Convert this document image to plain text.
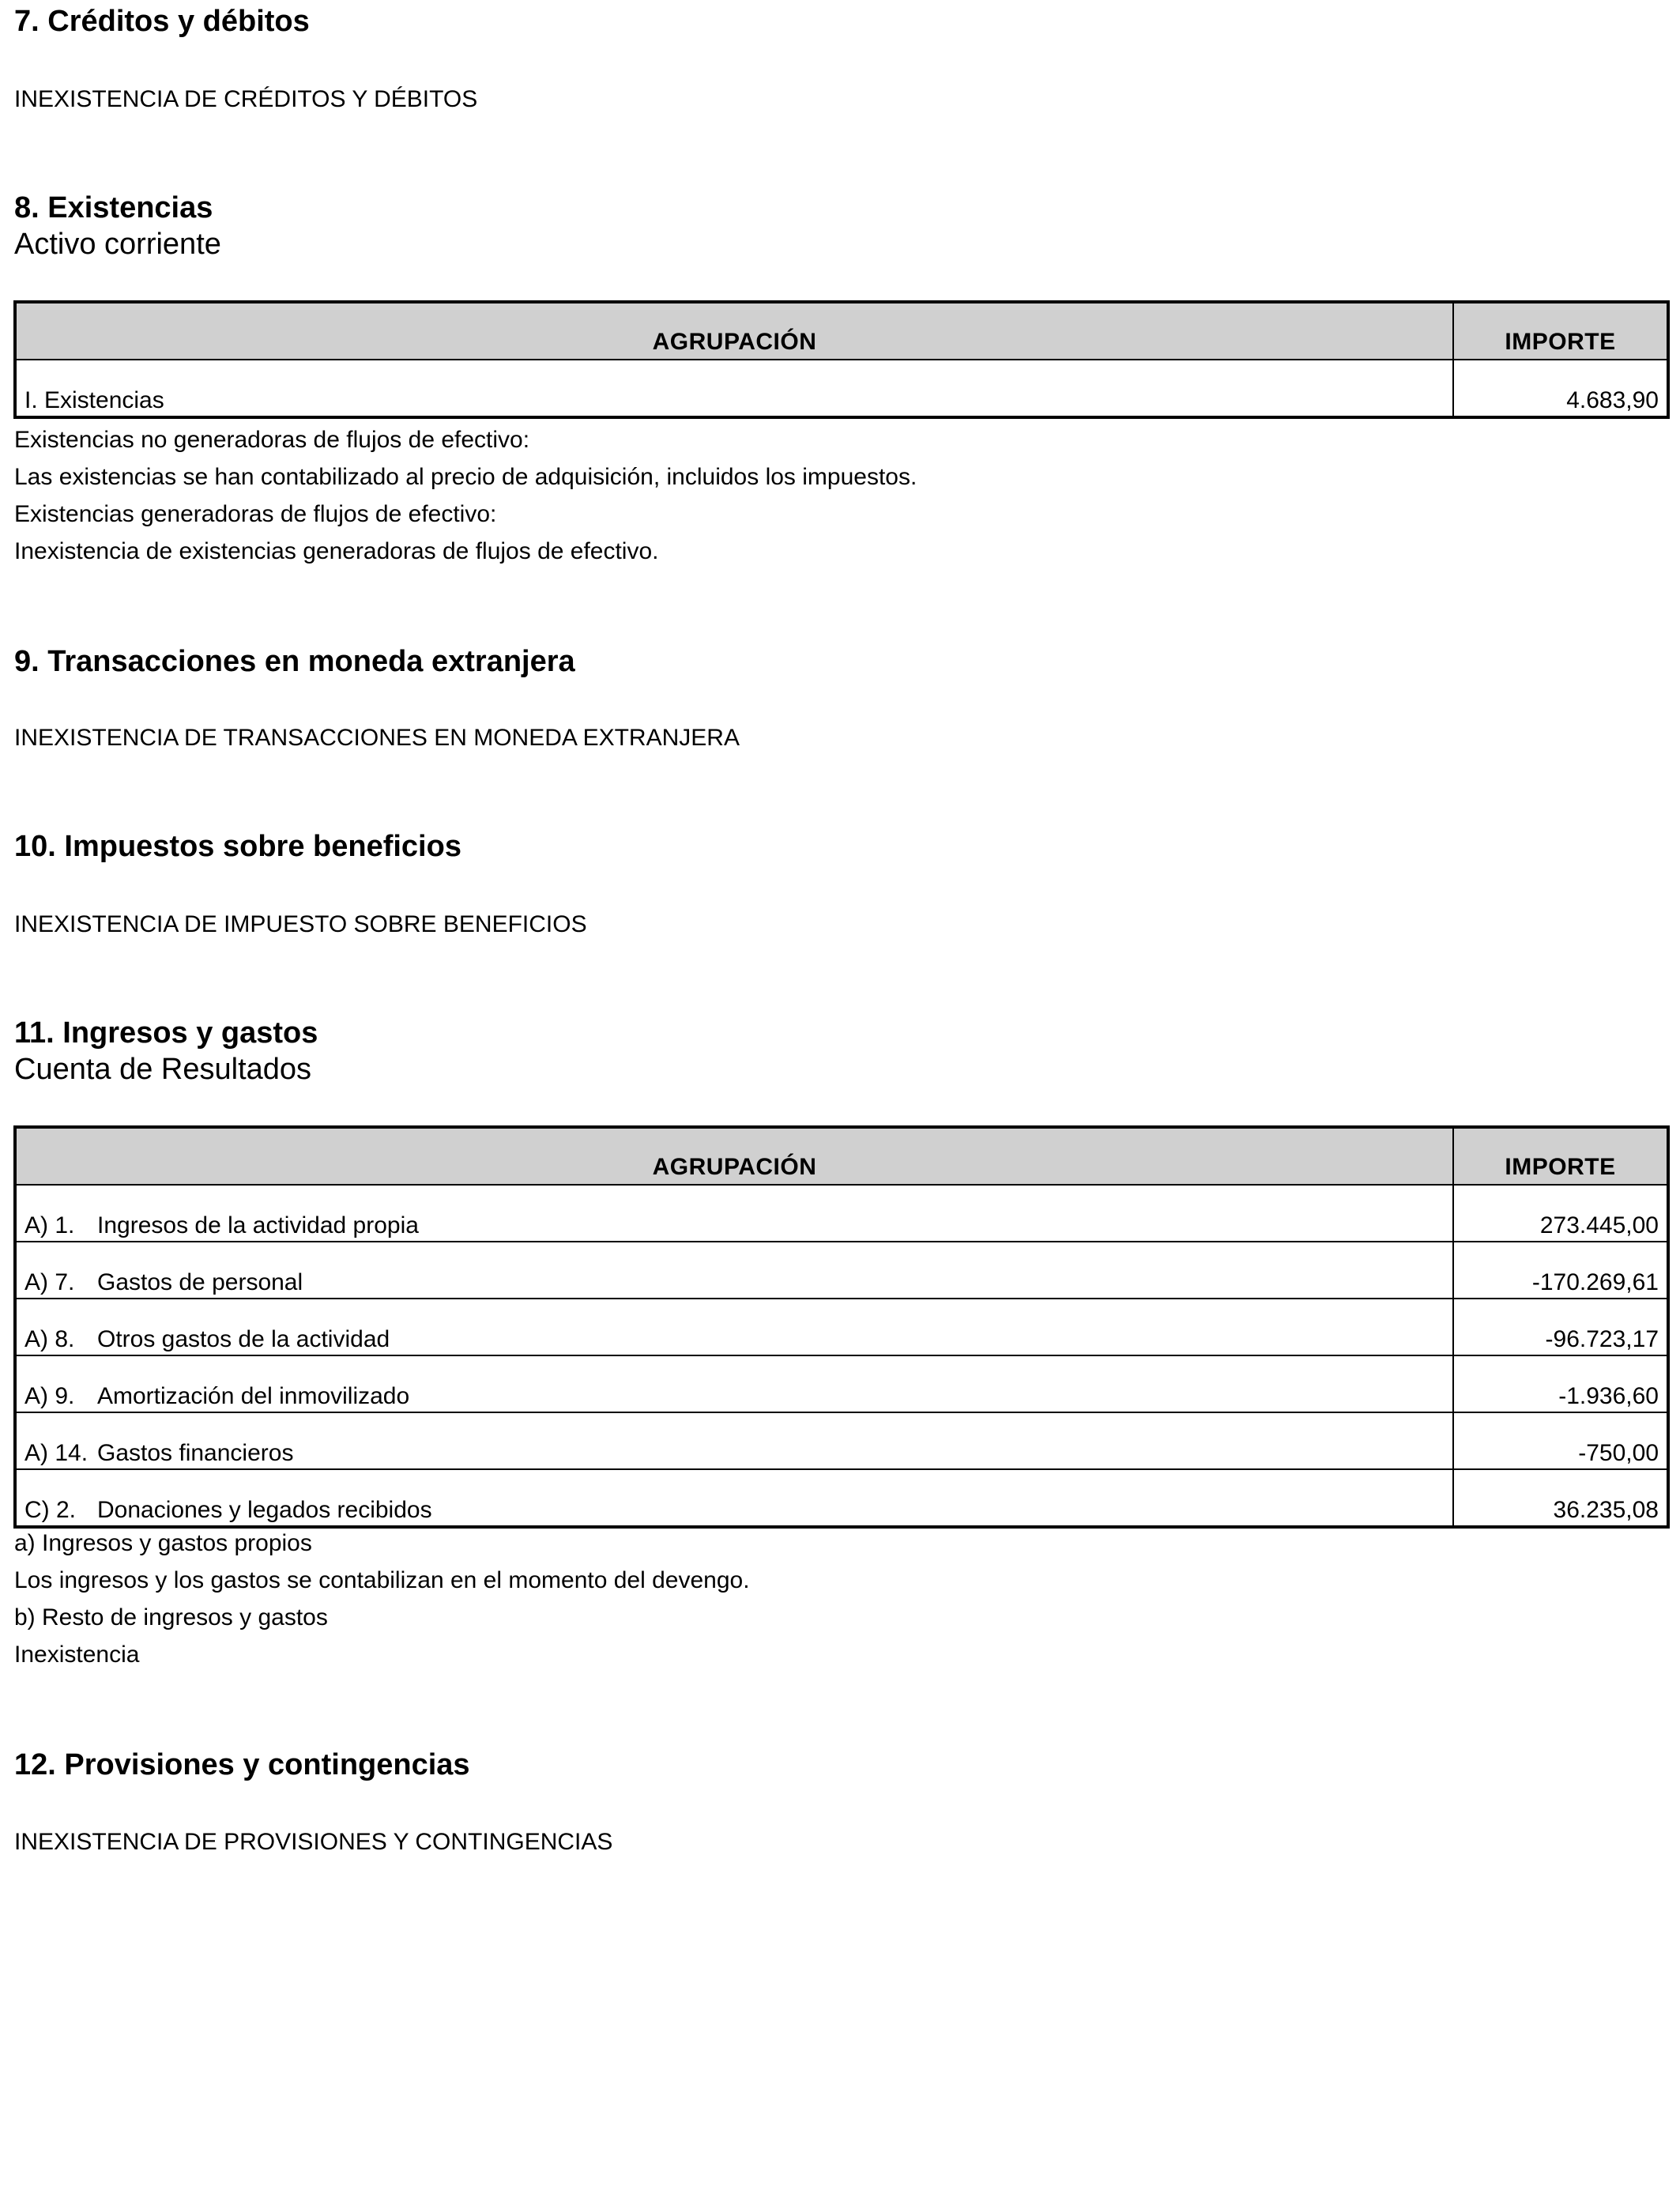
7. Créditos y débitos

INEXISTENCIA DE CRÉDITOS Y DÉBITOS

8. Existencias

Activo corriente

AGRUPACIÓN	IMPORTE
I. Existencias	4.683,90

Existencias no generadoras de flujos de efectivo:

Las existencias se han contabilizado al precio de adquisición, incluidos los impuestos.

Existencias generadoras de flujos de efectivo:

Inexistencia de existencias generadoras de flujos de efectivo.

9. Transacciones en moneda extranjera

INEXISTENCIA DE TRANSACCIONES EN MONEDA EXTRANJERA

10. Impuestos sobre beneficios

INEXISTENCIA DE IMPUESTO SOBRE BENEFICIOS

11. Ingresos y gastos

Cuenta de Resultados

AGRUPACIÓN	IMPORTE
A) 1. Ingresos de la actividad propia	273.445,00
A) 7. Gastos de personal	-170.269,61
A) 8. Otros gastos de la actividad	-96.723,17
A) 9. Amortización del inmovilizado	-1.936,60
A) 14. Gastos financieros	-750,00
C) 2. Donaciones y legados recibidos	36.235,08

a) Ingresos y gastos propios

Los ingresos y los gastos se contabilizan en el momento del devengo.

b) Resto de ingresos y gastos

Inexistencia

12. Provisiones y contingencias

INEXISTENCIA DE PROVISIONES Y CONTINGENCIAS
